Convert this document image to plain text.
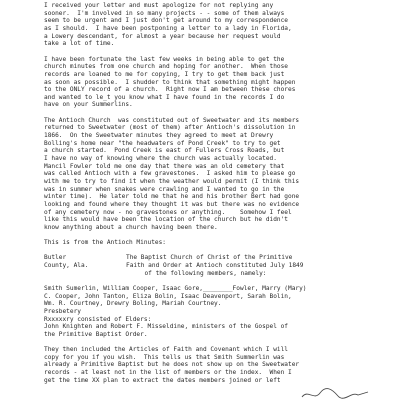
I received your letter and must apologize for not replying any
sooner.  I'm involved in so many projects - - some of them always
seem to be urgent and I just don't get around to my correspondence
as I should.  I have been postponing a letter to a lady in Florida,
a Lowery descendant, for almost a year because her request would
take a lot of time.

I have been fortunate the last few weeks in being able to get the
church minutes from one church and hoping for another.  When those
records are loaned to me for copying, I try to get them back just
as soon as possible.  I shudder to think that something might happen
to the ONLY record of a church.  Right now I am between these chores
and wanted to le_t you know what I have found in the records I do
have on your Summerlins.

The Antioch Church  was constituted out of Sweetwater and its members
returned to Sweetwater (most of them) after Antioch's dissolution in
1866.  On the Sweetwater minutes they agreed to meet at Drewry
Bolling's home near "the headwaters of Pond Creek" to try to get
a church started.  Pond Creek is east of Fullers Cross Roads, but
I have no way of knowing where the church was actually located.
Mancil Fowler told me one day that there was an old cemetery that
was called Antioch with a few gravestones.  I asked him to please go
with me to try to find it when the weather would permit (I think this
was in summer when snakes were crawling and I wanted to go in the
winter time).  He later told me that he and his brother Bert had gone
looking and found where they thought it was but there was no evidence
of any cemetery now - no gravestones or anything.    Somehow I feel
like this would have been the location of the church but he didn't
know anything about a church having been there.

This is from the Antioch Minutes:

Butler
County, Ala.
The Baptist Church of Christ of the Primitive
Faith and Order at Antioch constituted July 1849
of the following members, namely:

Smith Sumerlin, William Cooper, Isaac Gore,________Fowler, Marry (Mary)
C. Cooper, John Tanton, Eliza Bolin, Isaac Deavenport, Sarah Bolin,
Wm. R. Courtney, Drewry Boling, Mariah Courtney.
Presbetery
Rxxxxxry consisted of Elders:
John Knighten and Robert F. Misseldine, ministers of the Gospel of
the Primitive Baptist Order.

They then included the Articles of Faith and Covenant which I will
copy for you if you wish.  This tells us that Smith Summerlin was
already a Primitive Baptist but he does not show up on the Sweetwater
records - at least not in the list of members or the index.  When I
get the time XX plan to extract the dates members joined or left
